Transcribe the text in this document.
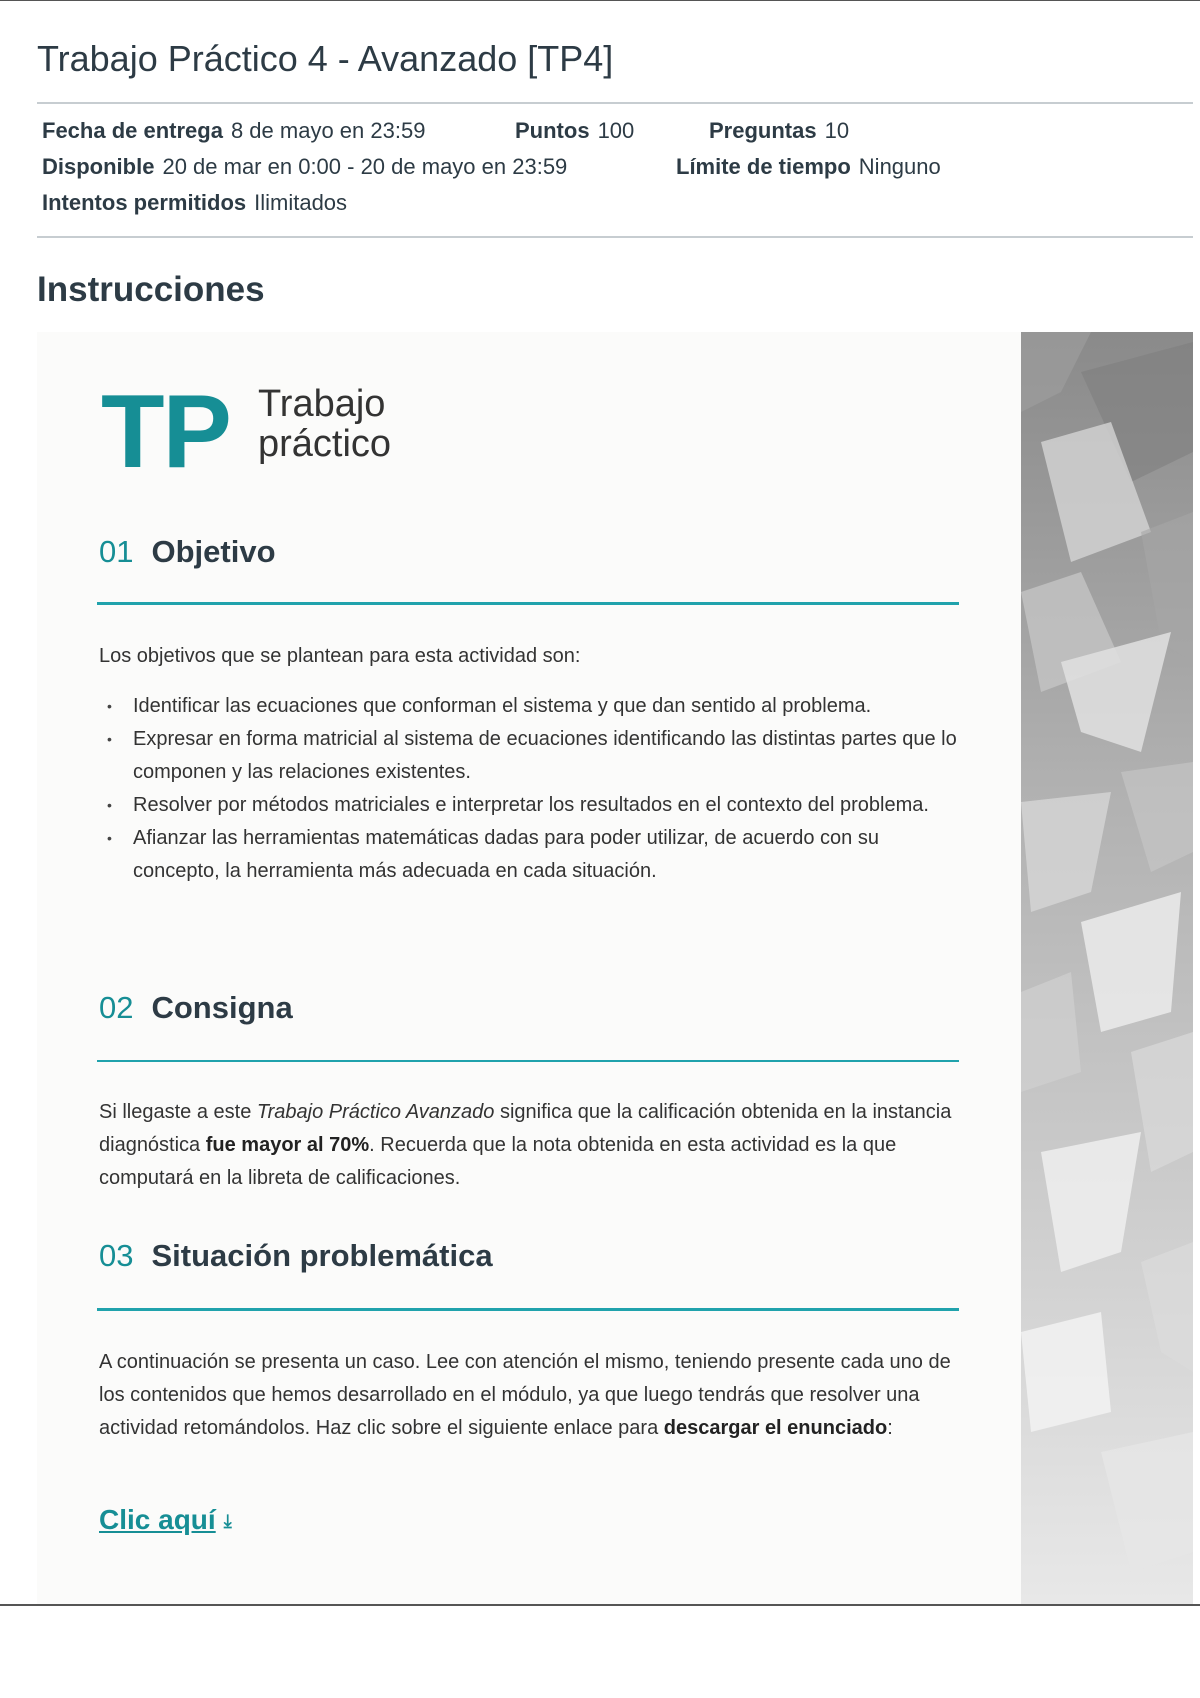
Trabajo Práctico 4 - Avanzado [TP4]
Fecha de entrega 8 de mayo en 23:59	Puntos 100	Preguntas 10
Disponible 20 de mar en 0:00 - 20 de mayo en 23:59	Límite de tiempo Ninguno
Intentos permitidos Ilimitados
Instrucciones
TP Trabajo
práctico
01 Objetivo

Los objetivos que se plantean para esta actividad son:

• Identificar las ecuaciones que conforman el sistema y que dan sentido al problema.
• Expresar en forma matricial al sistema de ecuaciones identificando las distintas partes que lo componen y las relaciones existentes.
• Resolver por métodos matriciales e interpretar los resultados en el contexto del problema.
• Afianzar las herramientas matemáticas dadas para poder utilizar, de acuerdo con su concepto, la herramienta más adecuada en cada situación.
02 Consigna

Si llegaste a este Trabajo Práctico Avanzado significa que la calificación obtenida en la instancia diagnóstica fue mayor al 70%. Recuerda que la nota obtenida en esta actividad es la que computará en la libreta de calificaciones.

03 Situación problemática

A continuación se presenta un caso. Lee con atención el mismo, teniendo presente cada uno de los contenidos que hemos desarrollado en el módulo, ya que luego tendrás que resolver una actividad retomándolos. Haz clic sobre el siguiente enlace para descargar el enunciado:

Clic aquí ⤓
